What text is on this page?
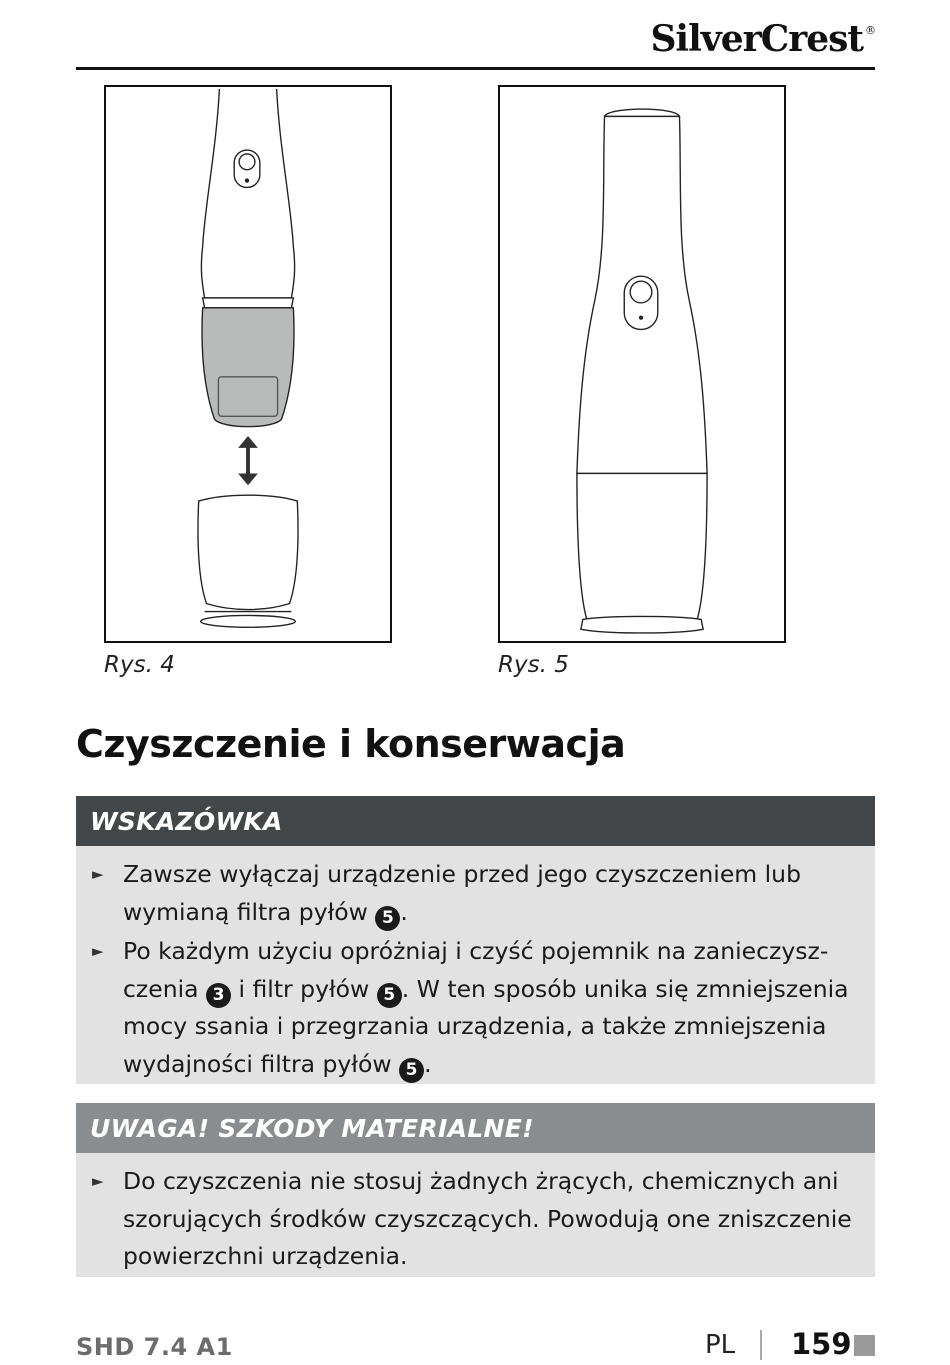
SilverCrest ®
Rys. 4	Rys. 5
Czyszczenie i konserwacja
WSKAZÓWKA
► Zawsze wyłączaj urządzenie przed jego czyszczeniem lub wymianą filtra pyłów 5 .
► Po każdym użyciu opróżniaj i czyść pojemnik na zanieczysz-czenia 3 i filtr pyłów 5 . W ten sposób unika się zmniejszenia mocy ssania i przegrzania urządzenia, a także zmniejszenia wydajności filtra pyłów 5 .
UWAGA! SZKODY MATERIALNE!
► Do czyszczenia nie stosuj żadnych żrących, chemicznych ani szorujących środków czyszczących. Powodują one zniszczenie powierzchni urządzenia.
SHD 7.4 A1	PL 159
